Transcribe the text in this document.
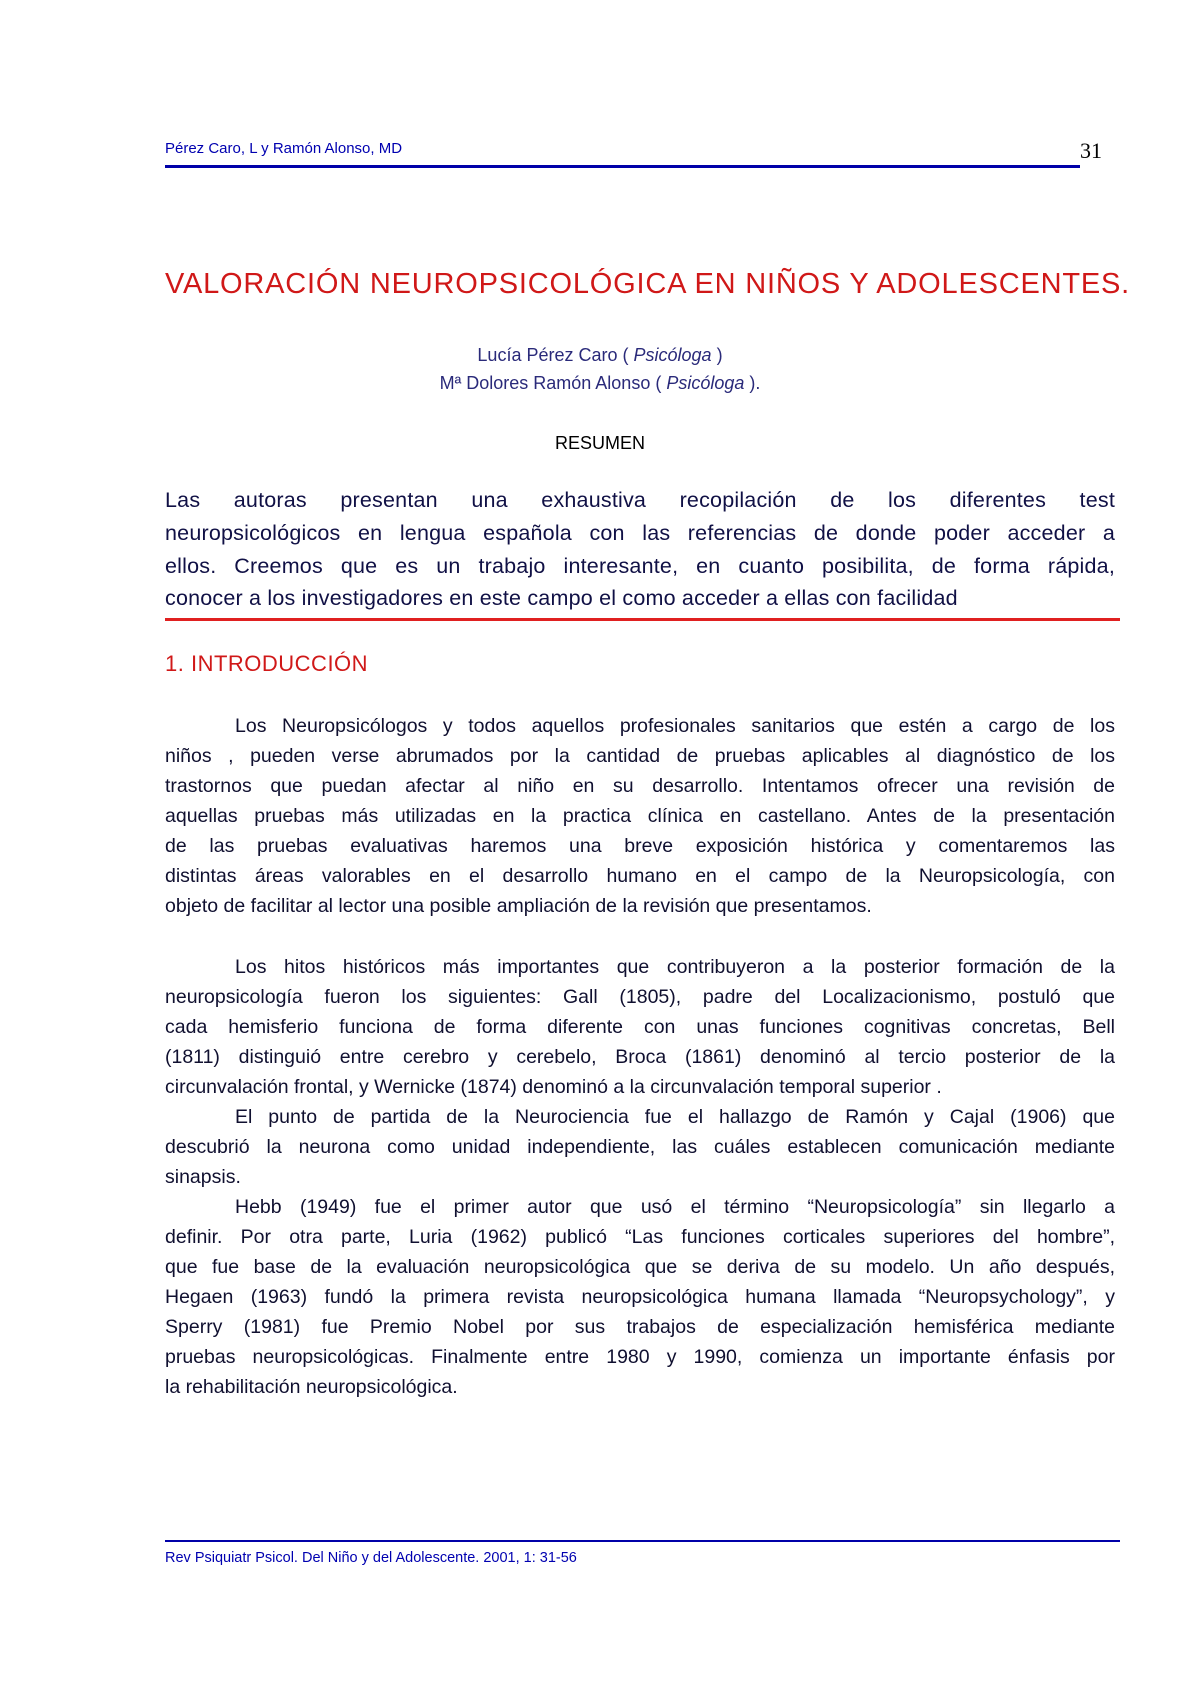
Pérez Caro, L y Ramón Alonso, MD	31
VALORACIÓN NEUROPSICOLÓGICA EN NIÑOS Y ADOLESCENTES.
Lucía Pérez Caro ( Psicóloga )
Mª Dolores Ramón Alonso ( Psicóloga ).
RESUMEN
Las autoras presentan una exhaustiva recopilación de los diferentes test
neuropsicológicos en lengua española con las referencias de donde poder acceder a
ellos. Creemos que es un trabajo interesante, en cuanto posibilita, de forma rápida,
conocer a los investigadores en este campo el como acceder a ellas con facilidad
1. INTRODUCCIÓN
Los Neuropsicólogos y todos aquellos profesionales sanitarios que estén a cargo de los
niños , pueden verse abrumados por la cantidad de pruebas aplicables al diagnóstico de los
trastornos que puedan afectar al niño en su desarrollo. Intentamos ofrecer una revisión de
aquellas pruebas más utilizadas en la practica clínica en castellano. Antes de la presentación
de las pruebas evaluativas haremos una breve exposición histórica y comentaremos las
distintas áreas valorables en el desarrollo humano en el campo de la Neuropsicología, con
objeto de facilitar al lector una posible ampliación de la revisión que presentamos.
Los hitos históricos más importantes que contribuyeron a la posterior formación de la
neuropsicología fueron los siguientes: Gall (1805), padre del Localizacionismo, postuló que
cada hemisferio funciona de forma diferente con unas funciones cognitivas concretas, Bell
(1811) distinguió entre cerebro y cerebelo, Broca (1861) denominó al tercio posterior de la
circunvalación frontal, y Wernicke (1874) denominó a la circunvalación temporal superior .
El punto de partida de la Neurociencia fue el hallazgo de Ramón y Cajal (1906) que
descubrió la neurona como unidad independiente, las cuáles establecen comunicación mediante
sinapsis.
Hebb (1949) fue el primer autor que usó el término “Neuropsicología” sin llegarlo a
definir. Por otra parte, Luria (1962) publicó “Las funciones corticales superiores del hombre”,
que fue base de la evaluación neuropsicológica que se deriva de su modelo. Un año después,
Hegaen (1963) fundó la primera revista neuropsicológica humana llamada “Neuropsychology”, y
Sperry (1981) fue Premio Nobel por sus trabajos de especialización hemisférica mediante
pruebas neuropsicológicas. Finalmente entre 1980 y 1990, comienza un importante énfasis por
la rehabilitación neuropsicológica.
Rev Psiquiatr Psicol. Del Niño y del Adolescente. 2001, 1: 31-56
